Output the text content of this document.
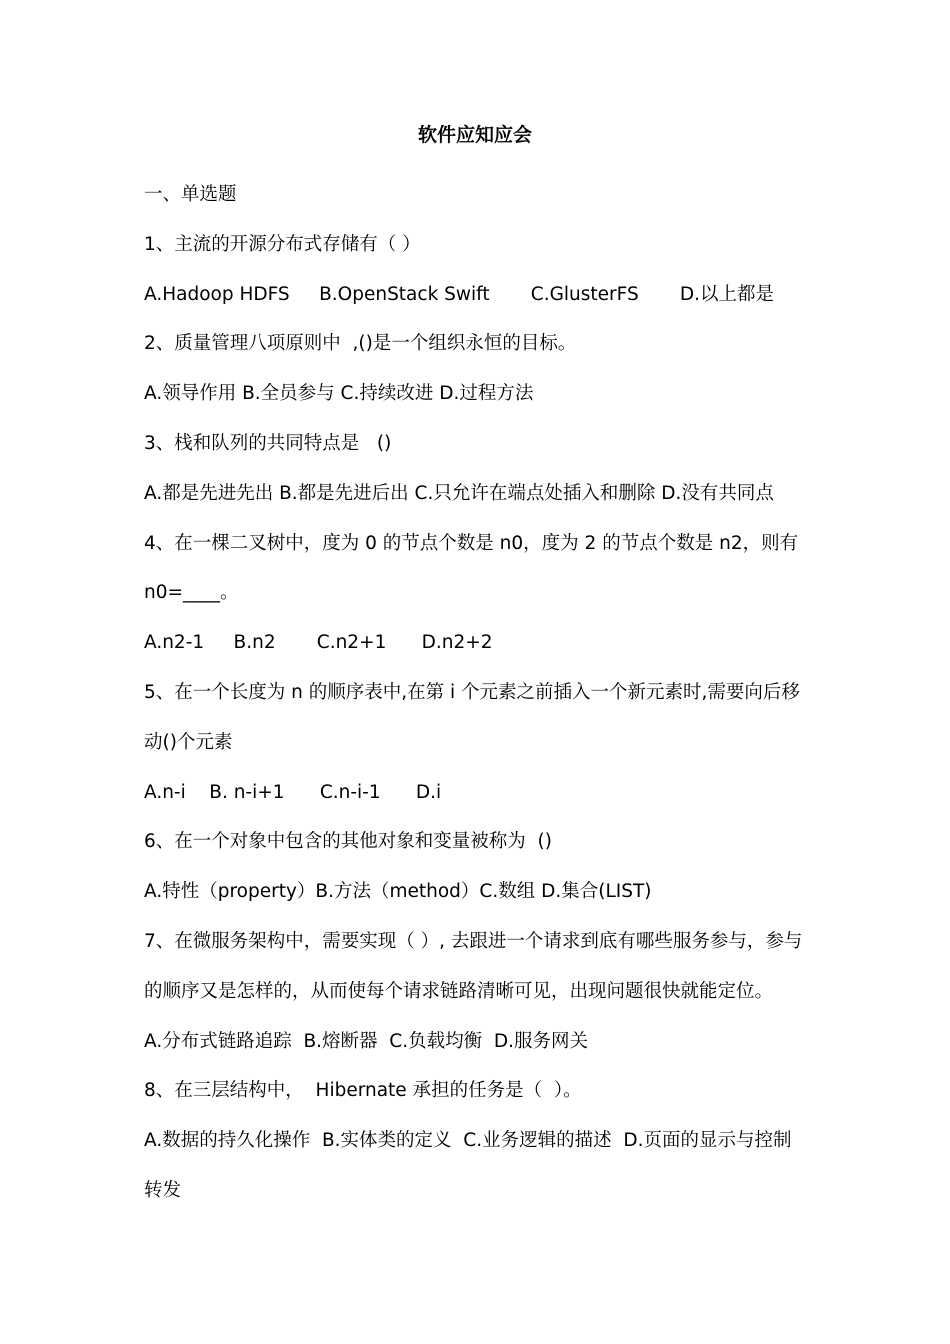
软件应知应会

一、单选题

1、主流的开源分布式存储有（ ）

A.Hadoop HDFS     B.OpenStack Swift       C.GlusterFS       D.以上都是

2、质量管理八项原则中  ,()是一个组织永恒的目标。

A.领导作用 B.全员参与 C.持续改进 D.过程方法

3、栈和队列的共同特点是   ()

A.都是先进先出 B.都是先进后出 C.只允许在端点处插入和删除 D.没有共同点

4、在一棵二叉树中，度为 0 的节点个数是 n0，度为 2 的节点个数是 n2，则有

n0=____。

A.n2-1     B.n2       C.n2+1      D.n2+2

5、在一个长度为 n 的顺序表中,在第 i 个元素之前插入一个新元素时,需要向后移

动()个元素

A.n-i    B. n-i+1      C.n-i-1      D.i

6、在一个对象中包含的其他对象和变量被称为  ()

A.特性（property）B.方法（method）C.数组 D.集合(LIST)

7、在微服务架构中，需要实现（ ）, 去跟进一个请求到底有哪些服务参与，参与

的顺序又是怎样的，从而使每个请求链路清晰可见，出现问题很快就能定位。

A.分布式链路追踪  B.熔断器  C.负载均衡  D.服务网关

8、在三层结构中，  Hibernate 承担的任务是（  ）。

A.数据的持久化操作  B.实体类的定义  C.业务逻辑的描述  D.页面的显示与控制

转发
